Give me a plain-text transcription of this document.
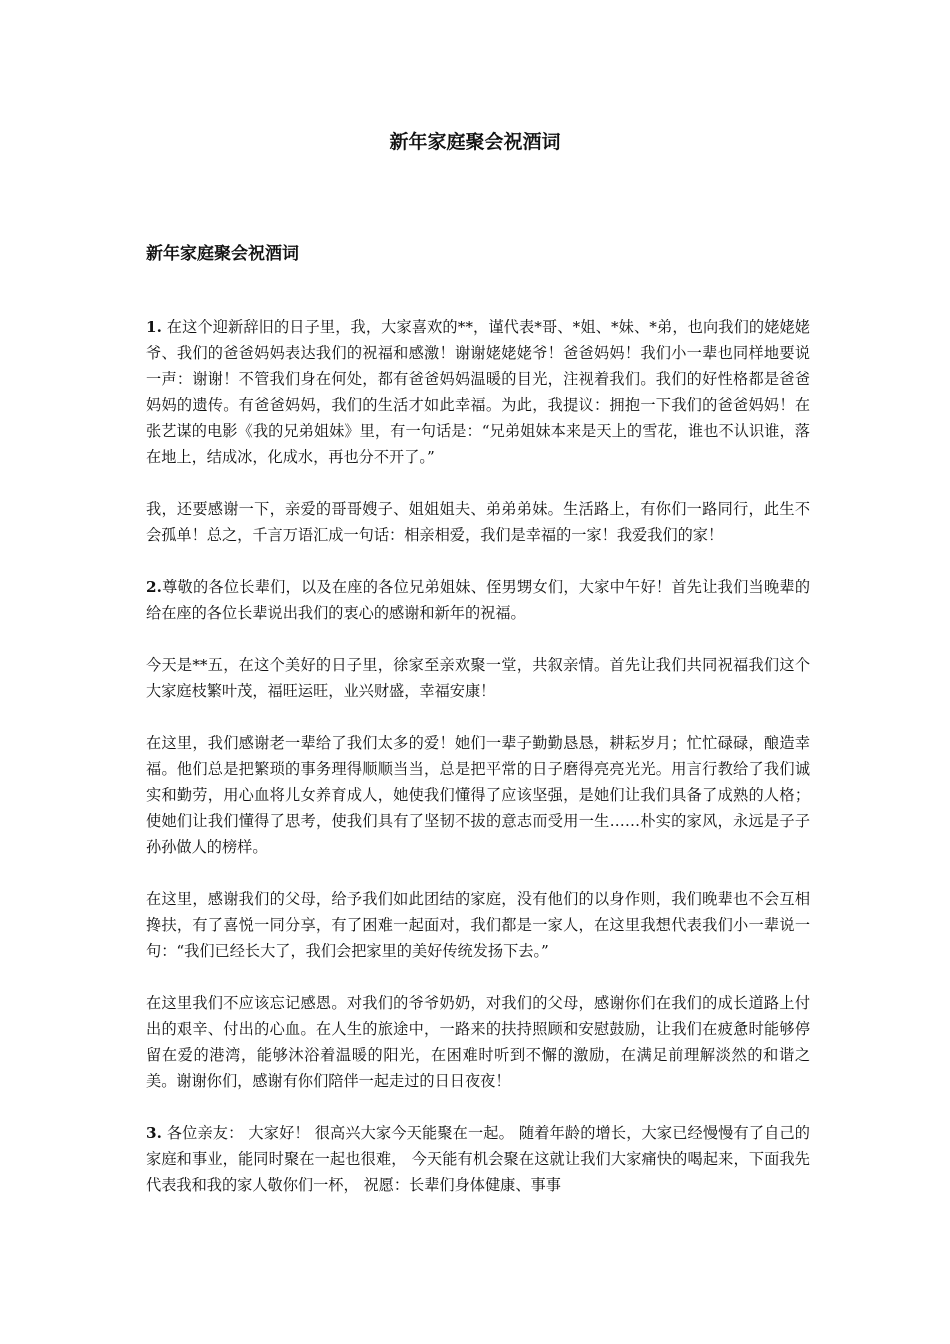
新年家庭聚会祝酒词
新年家庭聚会祝酒词

1. 在这个迎新辞旧的日子里，我，大家喜欢的**，谨代表*哥、*姐、*妹、*弟，也向我们的姥姥姥爷、我们的爸爸妈妈表达我们的祝福和感激！谢谢姥姥姥爷！爸爸妈妈！我们小一辈也同样地要说一声：谢谢！不管我们身在何处，都有爸爸妈妈温暖的目光，注视着我们。我们的好性格都是爸爸妈妈的遗传。有爸爸妈妈，我们的生活才如此幸福。为此，我提议：拥抱一下我们的爸爸妈妈！在张艺谋的电影《我的兄弟姐妹》里，有一句话是：“兄弟姐妹本来是天上的雪花，谁也不认识谁，落在地上，结成冰，化成水，再也分不开了。”

我，还要感谢一下，亲爱的哥哥嫂子、姐姐姐夫、弟弟弟妹。生活路上，有你们一路同行，此生不会孤单！总之，千言万语汇成一句话：相亲相爱，我们是幸福的一家！我爱我们的家！

2.尊敬的各位长辈们，以及在座的各位兄弟姐妹、侄男甥女们，大家中午好！首先让我们当晚辈的给在座的各位长辈说出我们的衷心的感谢和新年的祝福。

今天是**五，在这个美好的日子里，徐家至亲欢聚一堂，共叙亲情。首先让我们共同祝福我们这个大家庭枝繁叶茂，福旺运旺，业兴财盛，幸福安康！

在这里，我们感谢老一辈给了我们太多的爱！她们一辈子勤勤恳恳，耕耘岁月；忙忙碌碌，酿造幸福。他们总是把繁琐的事务理得顺顺当当，总是把平常的日子磨得亮亮光光。用言行教给了我们诚实和勤劳，用心血将儿女养育成人，她使我们懂得了应该坚强，是她们让我们具备了成熟的人格；使她们让我们懂得了思考，使我们具有了坚韧不拔的意志而受用一生……朴实的家风，永远是子子孙孙做人的榜样。

在这里，感谢我们的父母，给予我们如此团结的家庭，没有他们的以身作则，我们晚辈也不会互相搀扶，有了喜悦一同分享，有了困难一起面对，我们都是一家人，在这里我想代表我们小一辈说一句：“我们已经长大了，我们会把家里的美好传统发扬下去。”

在这里我们不应该忘记感恩。对我们的爷爷奶奶，对我们的父母，感谢你们在我们的成长道路上付出的艰辛、付出的心血。在人生的旅途中，一路来的扶持照顾和安慰鼓励，让我们在疲惫时能够停留在爱的港湾，能够沐浴着温暖的阳光，在困难时听到不懈的激励，在满足前理解淡然的和谐之美。谢谢你们，感谢有你们陪伴一起走过的日日夜夜！

3. 各位亲友： 大家好！ 很高兴大家今天能聚在一起。 随着年龄的增长，大家已经慢慢有了自己的家庭和事业，能同时聚在一起也很难， 今天能有机会聚在这就让我们大家痛快的喝起来，下面我先代表我和我的家人敬你们一杯， 祝愿：长辈们身体健康、事事
